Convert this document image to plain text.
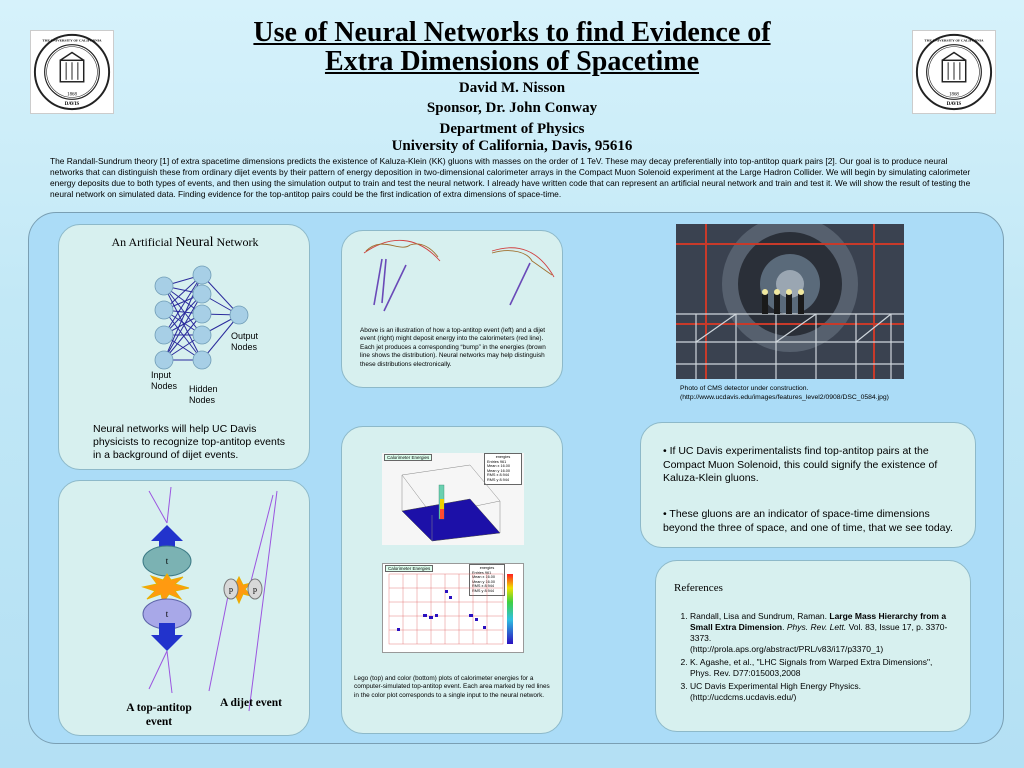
1868
DAVIS
THE UNIVERSITY OF CALIFORNIA
1868
DAVIS
THE UNIVERSITY OF CALIFORNIA
Use of Neural Networks to find Evidence of
Extra Dimensions of Spacetime
David M. Nisson
Sponsor, Dr. John Conway
Department of Physics
University of California, Davis, 95616
The Randall-Sundrum theory [1] of extra spacetime dimensions predicts the existence of Kaluza-Klein (KK) gluons with masses on the order of 1 TeV. These may decay preferentially into top-antitop quark pairs [2]. Our goal is to produce neural networks that can distinguish these from ordinary dijet events by their pattern of energy deposition in two-dimensional calorimeter arrays in the Compact Muon Solenoid experiment at the Large Hadron Collider. We will begin by simulating calorimeter energy deposits due to both types of events, and then using the simulation output to train and test the neural network. I already have written code that can represent an artificial neural network and train and test it. We will show the result of testing the neural network on simulated data. Finding evidence for the top-antitop pairs could be the first indication of extra dimensions of space-time.
An Artificial Neural Network
Output
Nodes
Input
Nodes Hidden
Nodes
Neural networks will help UC Davis physicists to recognize top-antitop events in a background of dijet events.
t
t
p	p
A top-antitop event
A dijet event
Above is an illustration of how a top-antitop event (left) and a dijet event (right) might deposit energy into the calorimeters (red line). Each jet produces a corresponding “bump” in the energies (brown line shows the distribution). Neural networks may help distinguish these distributions electronically.
Calorimeter Energies	energies
Entries 961
Mean x 16.00
Mean y 16.00
RMS x 8.944
RMS y 8.944
Calorimeter Energies	energies
Entries 961
Mean x 16.00
Mean y 16.00
RMS x 8.944
RMS y 8.944
Lego (top) and color (bottom) plots of calorimeter energies for a computer-simulated top-antitop event. Each area marked by red lines in the color plot corresponds to a single input to the neural network.
Photo of CMS detector under construction.
(http://www.ucdavis.edu/images/features_level2/0908/DSC_0584.jpg)
• If UC Davis experimentalists find top-antitop pairs at the Compact Muon Solenoid, this could signify the existence of Kaluza-Klein gluons.
• These gluons are an indicator of space-time dimensions beyond the three of space, and one of time, that we see today.
References
1. Randall, Lisa and Sundrum, Raman. Large Mass Hierarchy from a Small Extra Dimension. Phys. Rev. Lett. Vol. 83, Issue 17, p. 3370-3373.
(http://prola.aps.org/abstract/PRL/v83/i17/p3370_1)
2. K. Agashe, et al., "LHC Signals from Warped Extra Dimensions",
Phys. Rev. D77:015003,2008
3. UC Davis Experimental High Energy Physics.
(http://ucdcms.ucdavis.edu/)
